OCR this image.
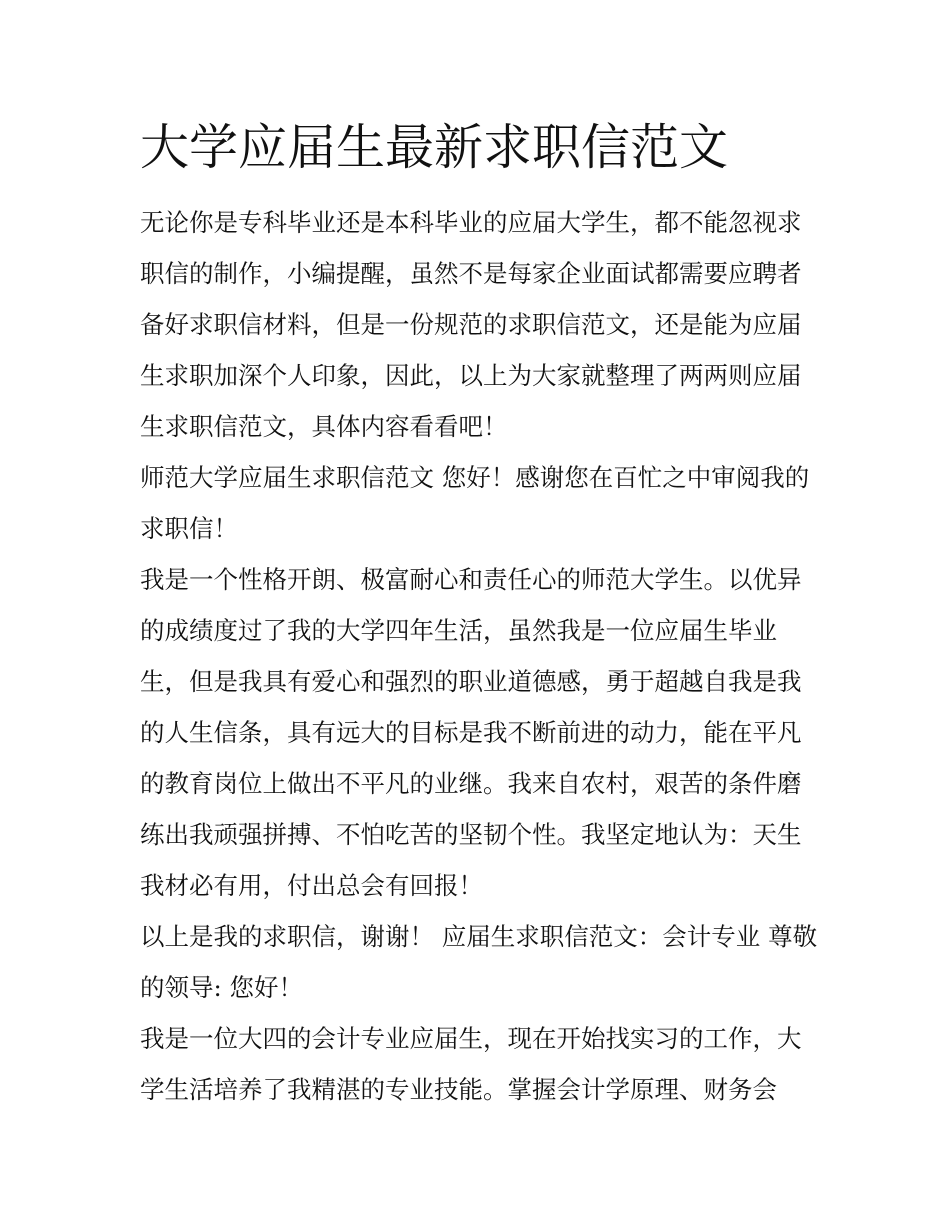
大学应届生最新求职信范文

无论你是专科毕业还是本科毕业的应届大学生，都不能忽视求职信的制作，小编提醒，虽然不是每家企业面试都需要应聘者备好求职信材料，但是一份规范的求职信范文，还是能为应届生求职加深个人印象，因此，以上为大家就整理了两两则应届生求职信范文，具体内容看看吧！

师范大学应届生求职信范文 您好！感谢您在百忙之中审阅我的求职信！

我是一个性格开朗、极富耐心和责任心的师范大学生。以优异的成绩度过了我的大学四年生活，虽然我是一位应届生毕业生，但是我具有爱心和强烈的职业道德感，勇于超越自我是我的人生信条，具有远大的目标是我不断前进的动力，能在平凡的教育岗位上做出不平凡的业继。我来自农村，艰苦的条件磨练出我顽强拼搏、不怕吃苦的坚韧个性。我坚定地认为：天生我材必有用，付出总会有回报！

以上是我的求职信，谢谢！ 应届生求职信范文：会计专业 尊敬的领导: 您好！

我是一位大四的会计专业应届生，现在开始找实习的工作，大学生活培养了我精湛的专业技能。掌握会计学原理、财务会
